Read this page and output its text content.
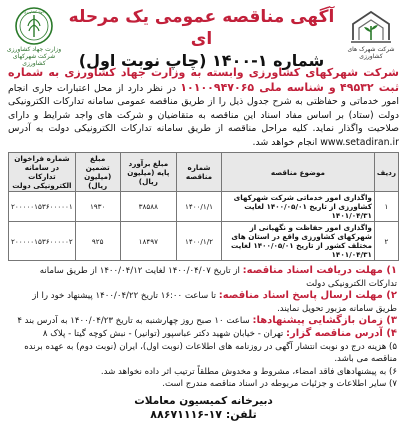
جهاد کشاورزی
وزارت جهاد کشاورزی
شرکت شهرکهای کشاورزی
آگهی مناقصه عمومی یک مرحله ای
شماره ۱-۱۴۰۰ (چاپ نوبت اول)
شرکت شهرک های کشاورزی
شرکت شهرکهای کشاورزی وابسته به وزارت جهاد کشاورزی به شماره ثبت ۴۹۵۳۲ و شناسه ملی ۱۰۱۰۰۹۴۷۰۶۵ در نظر دارد از محل اعتبارات جاری انجام امور خدماتی و حفاظتی به شرح جدول ذیل را از طریق مناقصه عمومی سامانه تدارکات الکترونیکی دولت (ستاد) بر اساس مفاد اسناد این مناقصه به متقاضیان و شرکت های واجد شرایط و دارای صلاحیت واگذار نماید. کلیه مراحل مناقصه از طریق سامانه تدارکات الکترونیکی دولت به آدرس www.setadiran.ir انجام خواهد شد.
ردیف	موضوع مناقصه	شماره مناقصه	مبلغ برآورد پایه (میلیون ریال)	مبلغ تضمین (میلیون ریال)	شماره فراخوان در سامانه تدارکات الکترونیکی دولت
۱	واگذاری امور خدماتی شرکت شهرکهای کشاورزی از تاریخ ۱۴۰۰/۰۵/۰۱ لغایت ۱۴۰۱/۰۴/۳۱	۱۴۰۰/۱/۱	۳۸۵۸۸	۱۹۳۰	۲۰۰۰۰۰۱۵۳۶۰۰۰۰۰۱
۲	واگذاری امور حفاظت و نگهبانی از شهرکهای کشاورزی واقع در استان های مختلف کشور از تاریخ ۱۴۰۰/۰۵/۰۱ لغایت ۱۴۰۱/۰۴/۳۱	۱۴۰۰/۱/۲	۱۸۴۹۷	۹۲۵	۲۰۰۰۰۰۱۵۳۶۰۰۰۰۰۲

۱) مهلت دریافت اسناد مناقصه: از تاریخ ۱۴۰۰/۰۴/۰۷ لغایت ۱۴۰۰/۰۴/۱۲ از طریق سامانه تدارکات الکترونیکی دولت

۲) مهلت ارسال پاسخ اسناد مناقصه: تا ساعت ۱۶:۰۰ تاریخ ۱۴۰۰/۰۴/۲۲ پیشنهاد خود را از طریق سامانه مزبور تحویل نمایند.

۳) زمان بازگشایی پیشنهادها: ساعت ۱۰ صبح روز چهارشنبه به تاریخ ۱۴۰۰/۰۴/۲۳ به آدرس بند ۴

۴) آدرس مناقصه گزار: تهران - خیابان شهید دکتر عباسپور (توانیر) - نبش کوچه گیتا - پلاک ۸

۵) هزینه درج دو نوبت انتشار آگهی در روزنامه های اطلاعات (نوبت اول)، ایران (نوبت دوم) به عهده برنده مناقصه می باشد.

۶) به پیشنهادهای فاقد امضاء، مشروط و مخدوش مطلقاً ترتیب اثر داده نخواهد شد.

۷) سایر اطلاعات و جزئیات مربوطه در اسناد مناقصه مندرج است.

دبیرخانه کمیسیون معاملات
تلفن: ۱۷-۸۸۶۷۱۱۱۶
